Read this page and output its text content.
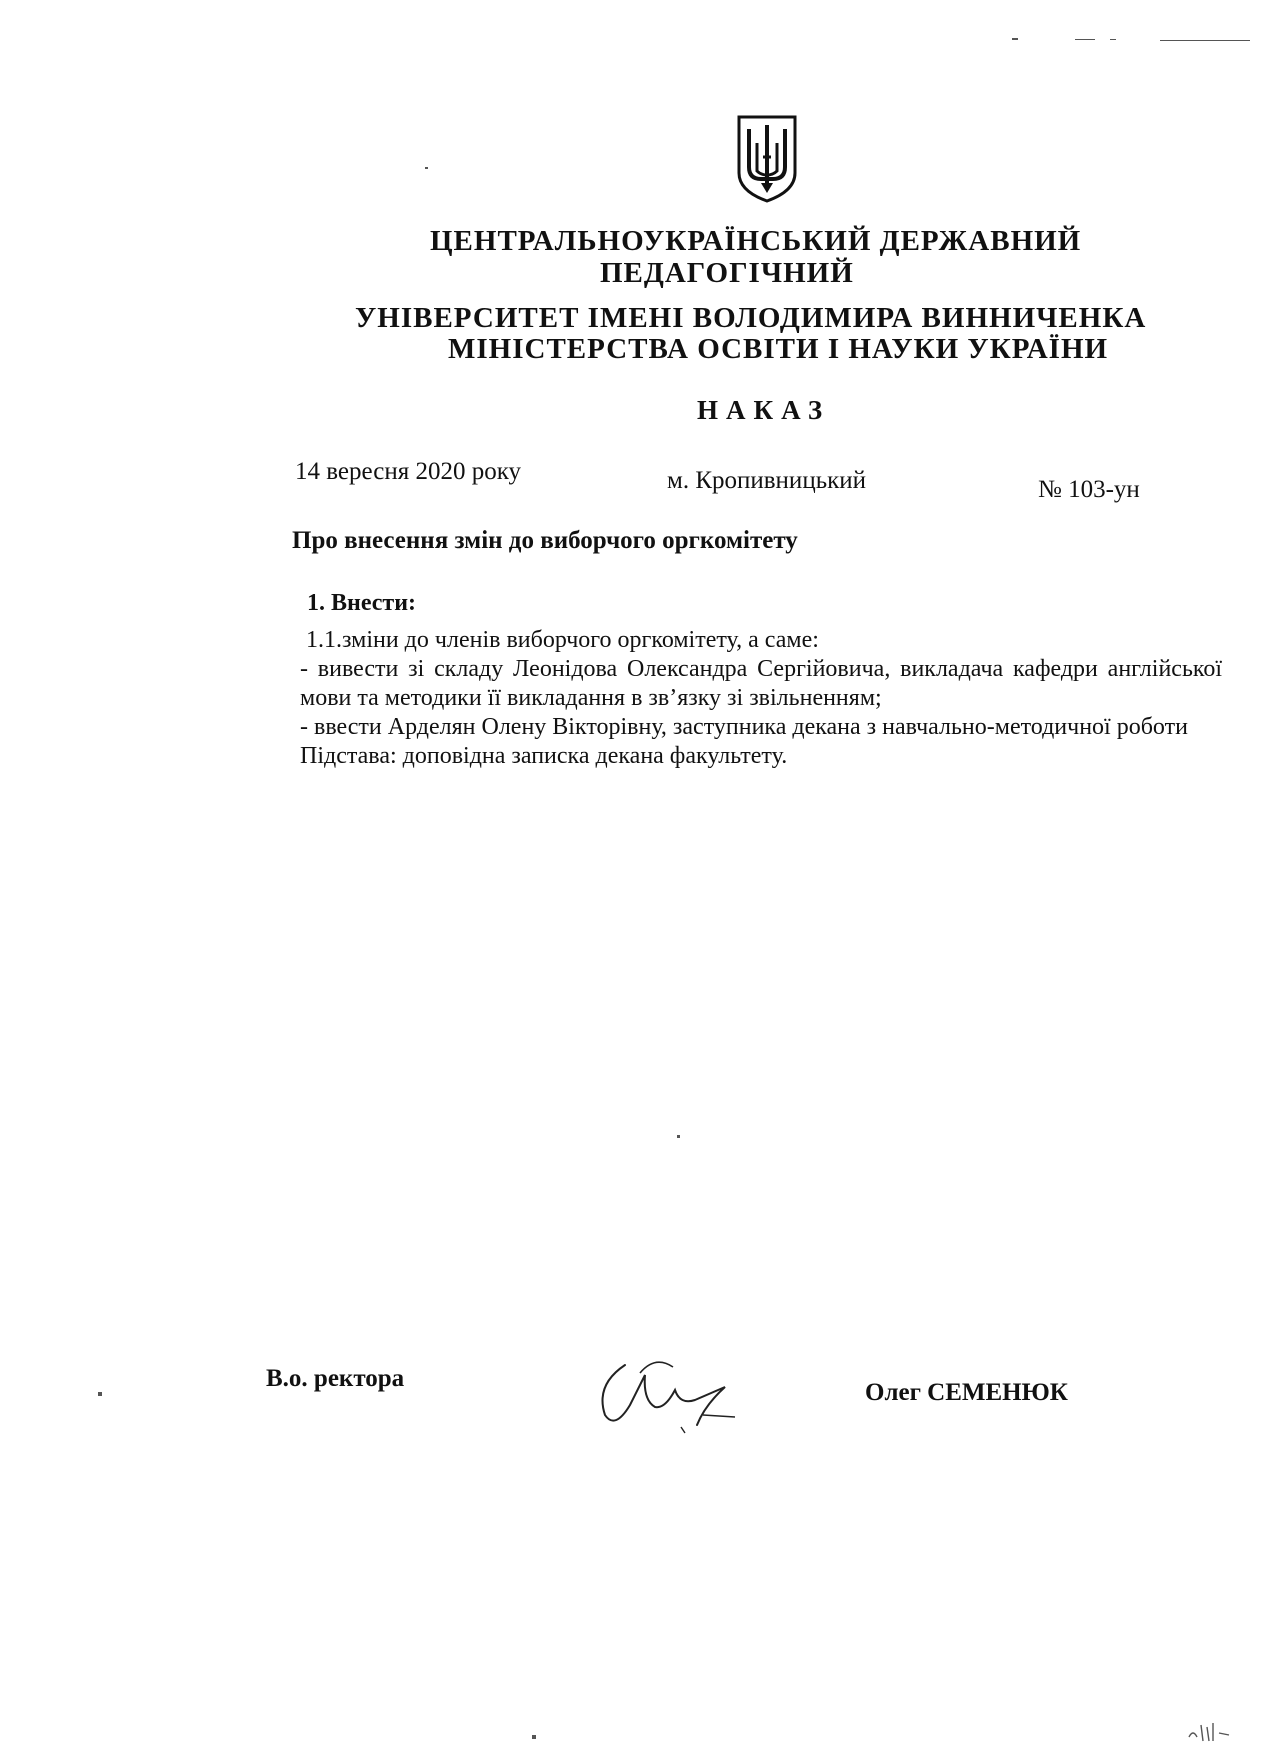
ЦЕНТРАЛЬНОУКРАЇНСЬКИЙ ДЕРЖАВНИЙ
ПЕДАГОГІЧНИЙ
УНІВЕРСИТЕТ ІМЕНІ ВОЛОДИМИРА ВИННИЧЕНКА
МІНІСТЕРСТВА ОСВІТИ І НАУКИ УКРАЇНИ
НАКАЗ
14 вересня 2020 року	м. Кропивницький	№ 103-ун
Про внесення змін до виборчого оргкомітету
1. Внести:

1.1.зміни до членів виборчого оргкомітету, а саме:

- вивести зі складу Леонідова Олександра Сергійовича, викладача кафедри англійської мови та методики її викладання в зв’язку зі звільненням;

- ввести Арделян Олену Вікторівну, заступника декана з навчально-методичної роботи

Підстава: доповідна записка декана факультету.

В.о. ректора
Олег СЕМЕНЮК
